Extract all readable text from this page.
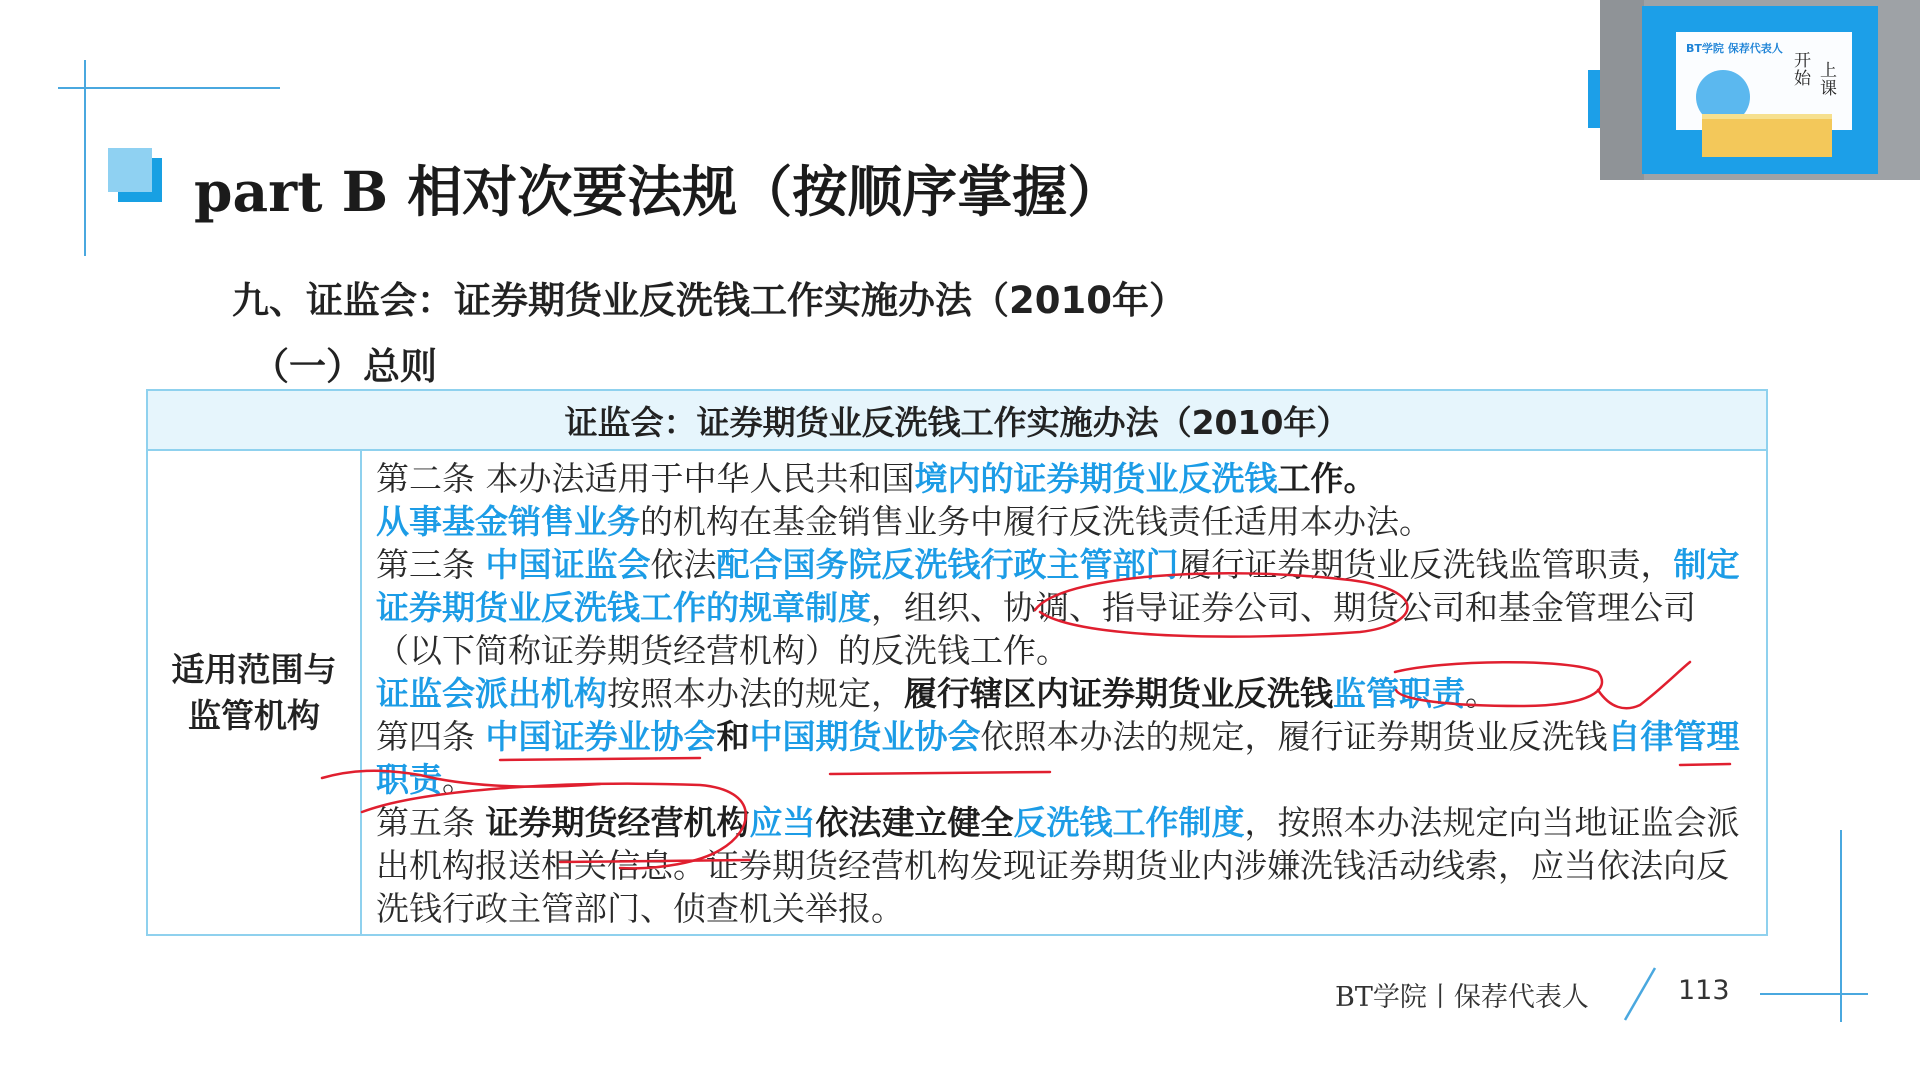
part B 相对次要法规（按顺序掌握）
九、证监会：证券期货业反洗钱工作实施办法（2010年）
（一）总则
证监会：证券期货业反洗钱工作实施办法（2010年）
适用范围与
监管机构
第二条 本办法适用于中华人民共和国境内的证券期货业反洗钱工作。
从事基金销售业务的机构在基金销售业务中履行反洗钱责任适用本办法。
第三条 中国证监会依法配合国务院反洗钱行政主管部门履行证券期货业反洗钱监管职责，制定证券期货业反洗钱工作的规章制度，组织、协调、指导证券公司、期货公司和基金管理公司（以下简称证券期货经营机构）的反洗钱工作。
证监会派出机构按照本办法的规定，履行辖区内证券期货业反洗钱监管职责。
第四条 中国证券业协会和中国期货业协会依照本办法的规定，履行证券期货业反洗钱自律管理职责。
第五条 证券期货经营机构应当依法建立健全反洗钱工作制度，按照本办法规定向当地证监会派出机构报送相关信息。证券期货经营机构发现证券期货业内涉嫌洗钱活动线索，应当依法向反洗钱行政主管部门、侦查机关举报。
BT学院丨保荐代表人	113
BT学院 保荐代表人
开始 上课
